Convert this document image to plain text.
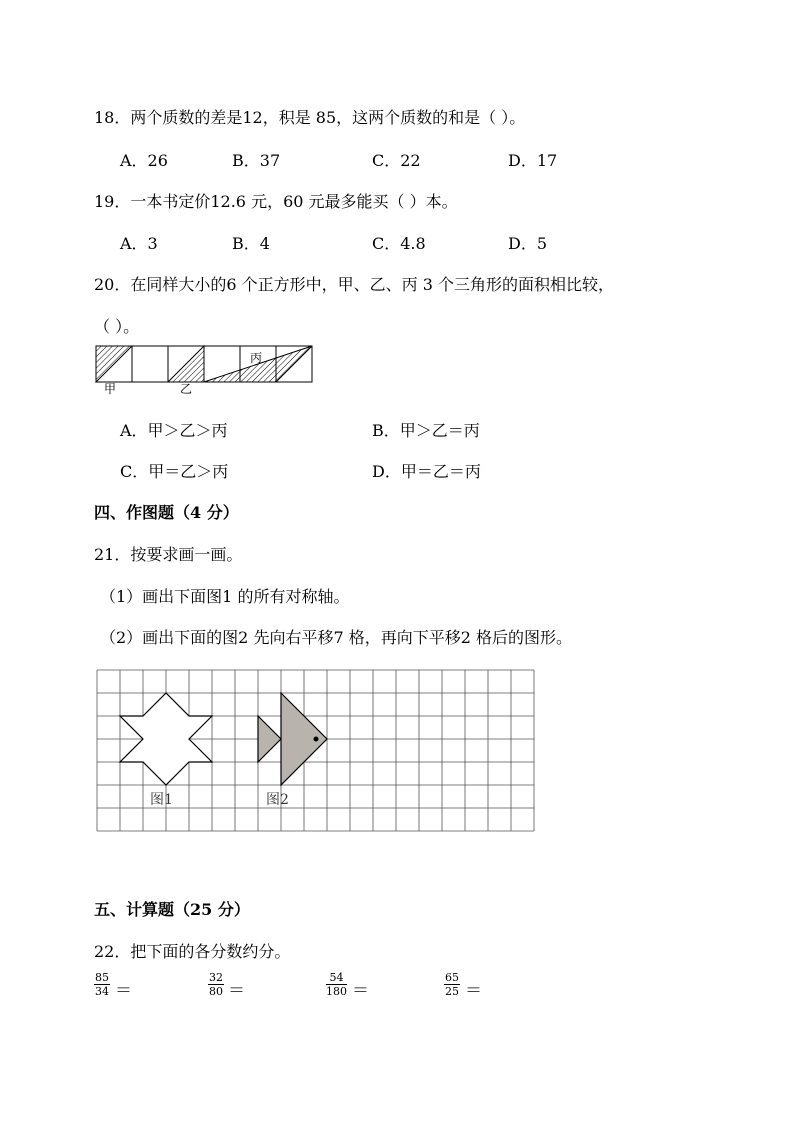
18．两个质数的差是12，积是 85，这两个质数的和是（ ）。
A．26	B．37	C．22	D．17
19．一本书定价12.6 元，60 元最多能买（ ）本。
A．3	B．4	C．4.8	D．5
20．在同样大小的6 个正方形中，甲、乙、丙 3 个三角形的面积相比较，
（ ）。
甲	乙
丙
A．甲＞乙＞丙	B．甲＞乙＝丙
C．甲＝乙＞丙	D．甲＝乙＝丙
四、作图题（4 分）
21．按要求画一画。
（1）画出下面图1 的所有对称轴。
（2）画出下面的图2 先向右平移7 格，再向下平移2 格后的图形。
图1	图2
五、计算题（25 分）
22．把下面的各分数约分。
$\frac{85}{34}$ ＝	$\frac{32}{80}$ ＝	$\frac{54}{180}$ ＝	$\frac{65}{25}$ ＝
